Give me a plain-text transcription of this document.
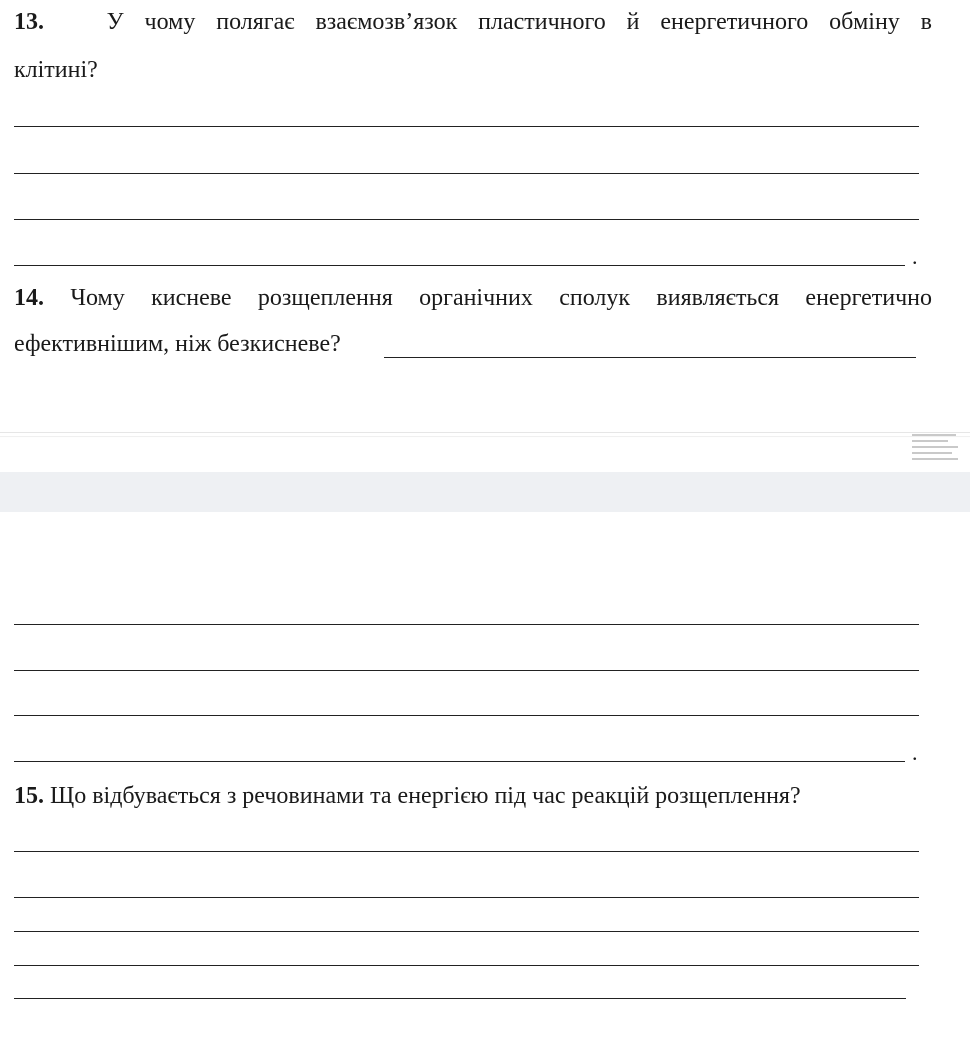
13.	У чому полягає взаємозв’язок пластичного й енергетичного обміну в

клітині?

.

14. Чому кисневе розщеплення органічних сполук виявляється енергетично

ефективнішим, ніж безкисневе?

.

15. Що відбувається з речовинами та енергією під час реакцій розщеплення?
